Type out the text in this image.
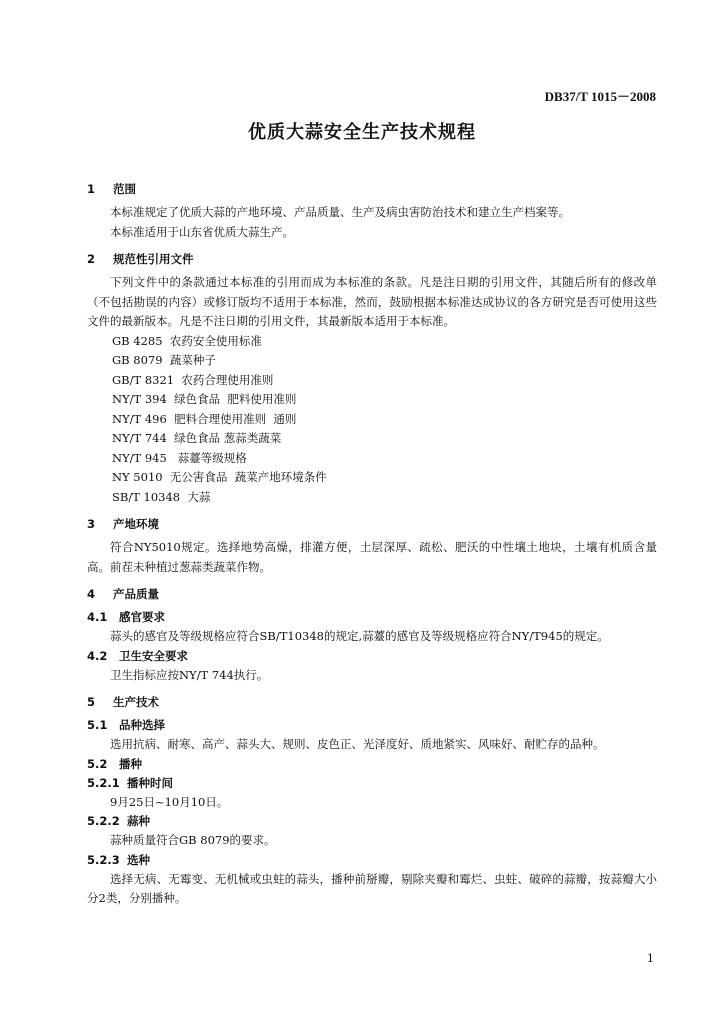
DB37/T 1015－2008
优质大蒜安全生产技术规程
1 范围

本标准规定了优质大蒜的产地环境、产品质量、生产及病虫害防治技术和建立生产档案等。

本标准适用于山东省优质大蒜生产。

2 规范性引用文件

下列文件中的条款通过本标准的引用而成为本标准的条款。凡是注日期的引用文件，其随后所有的修改单（不包括勘误的内容）或修订版均不适用于本标准，然而，鼓励根据本标准达成协议的各方研究是否可使用这些文件的最新版本。凡是不注日期的引用文件，其最新版本适用于本标准。

GB 4285  农药安全使用标准
GB 8079  蔬菜种子
GB/T 8321  农药合理使用准则
NY/T 394  绿色食品  肥料使用准则
NY/T 496  肥料合理使用准则  通则
NY/T 744  绿色食品 葱蒜类蔬菜
NY/T 945   蒜薹等级规格
NY 5010  无公害食品  蔬菜产地环境条件
SB/T 10348  大蒜
3 产地环境

符合NY5010规定。选择地势高燥，排灌方便，土层深厚、疏松、肥沃的中性壤土地块，土壤有机质含量高。前茬未种植过葱蒜类蔬菜作物。

4 产品质量
4.1 感官要求

蒜头的感官及等级规格应符合SB/T10348的规定,蒜薹的感官及等级规格应符合NY/T945的规定。

4.2 卫生安全要求

卫生指标应按NY/T 744执行。

5 生产技术
5.1 品种选择

选用抗病、耐寒、高产、蒜头大、规则、皮色正、光泽度好、质地紧实、风味好、耐贮存的品种。

5.2 播种
5.2.1 播种时间

9月25日~10月10日。

5.2.2 蒜种

蒜种质量符合GB 8079的要求。

5.2.3 选种

选择无病、无霉变、无机械或虫蛀的蒜头，播种前掰瓣，剔除夹瓣和霉烂、虫蛀、破碎的蒜瓣，按蒜瓣大小分2类，分别播种。

1
